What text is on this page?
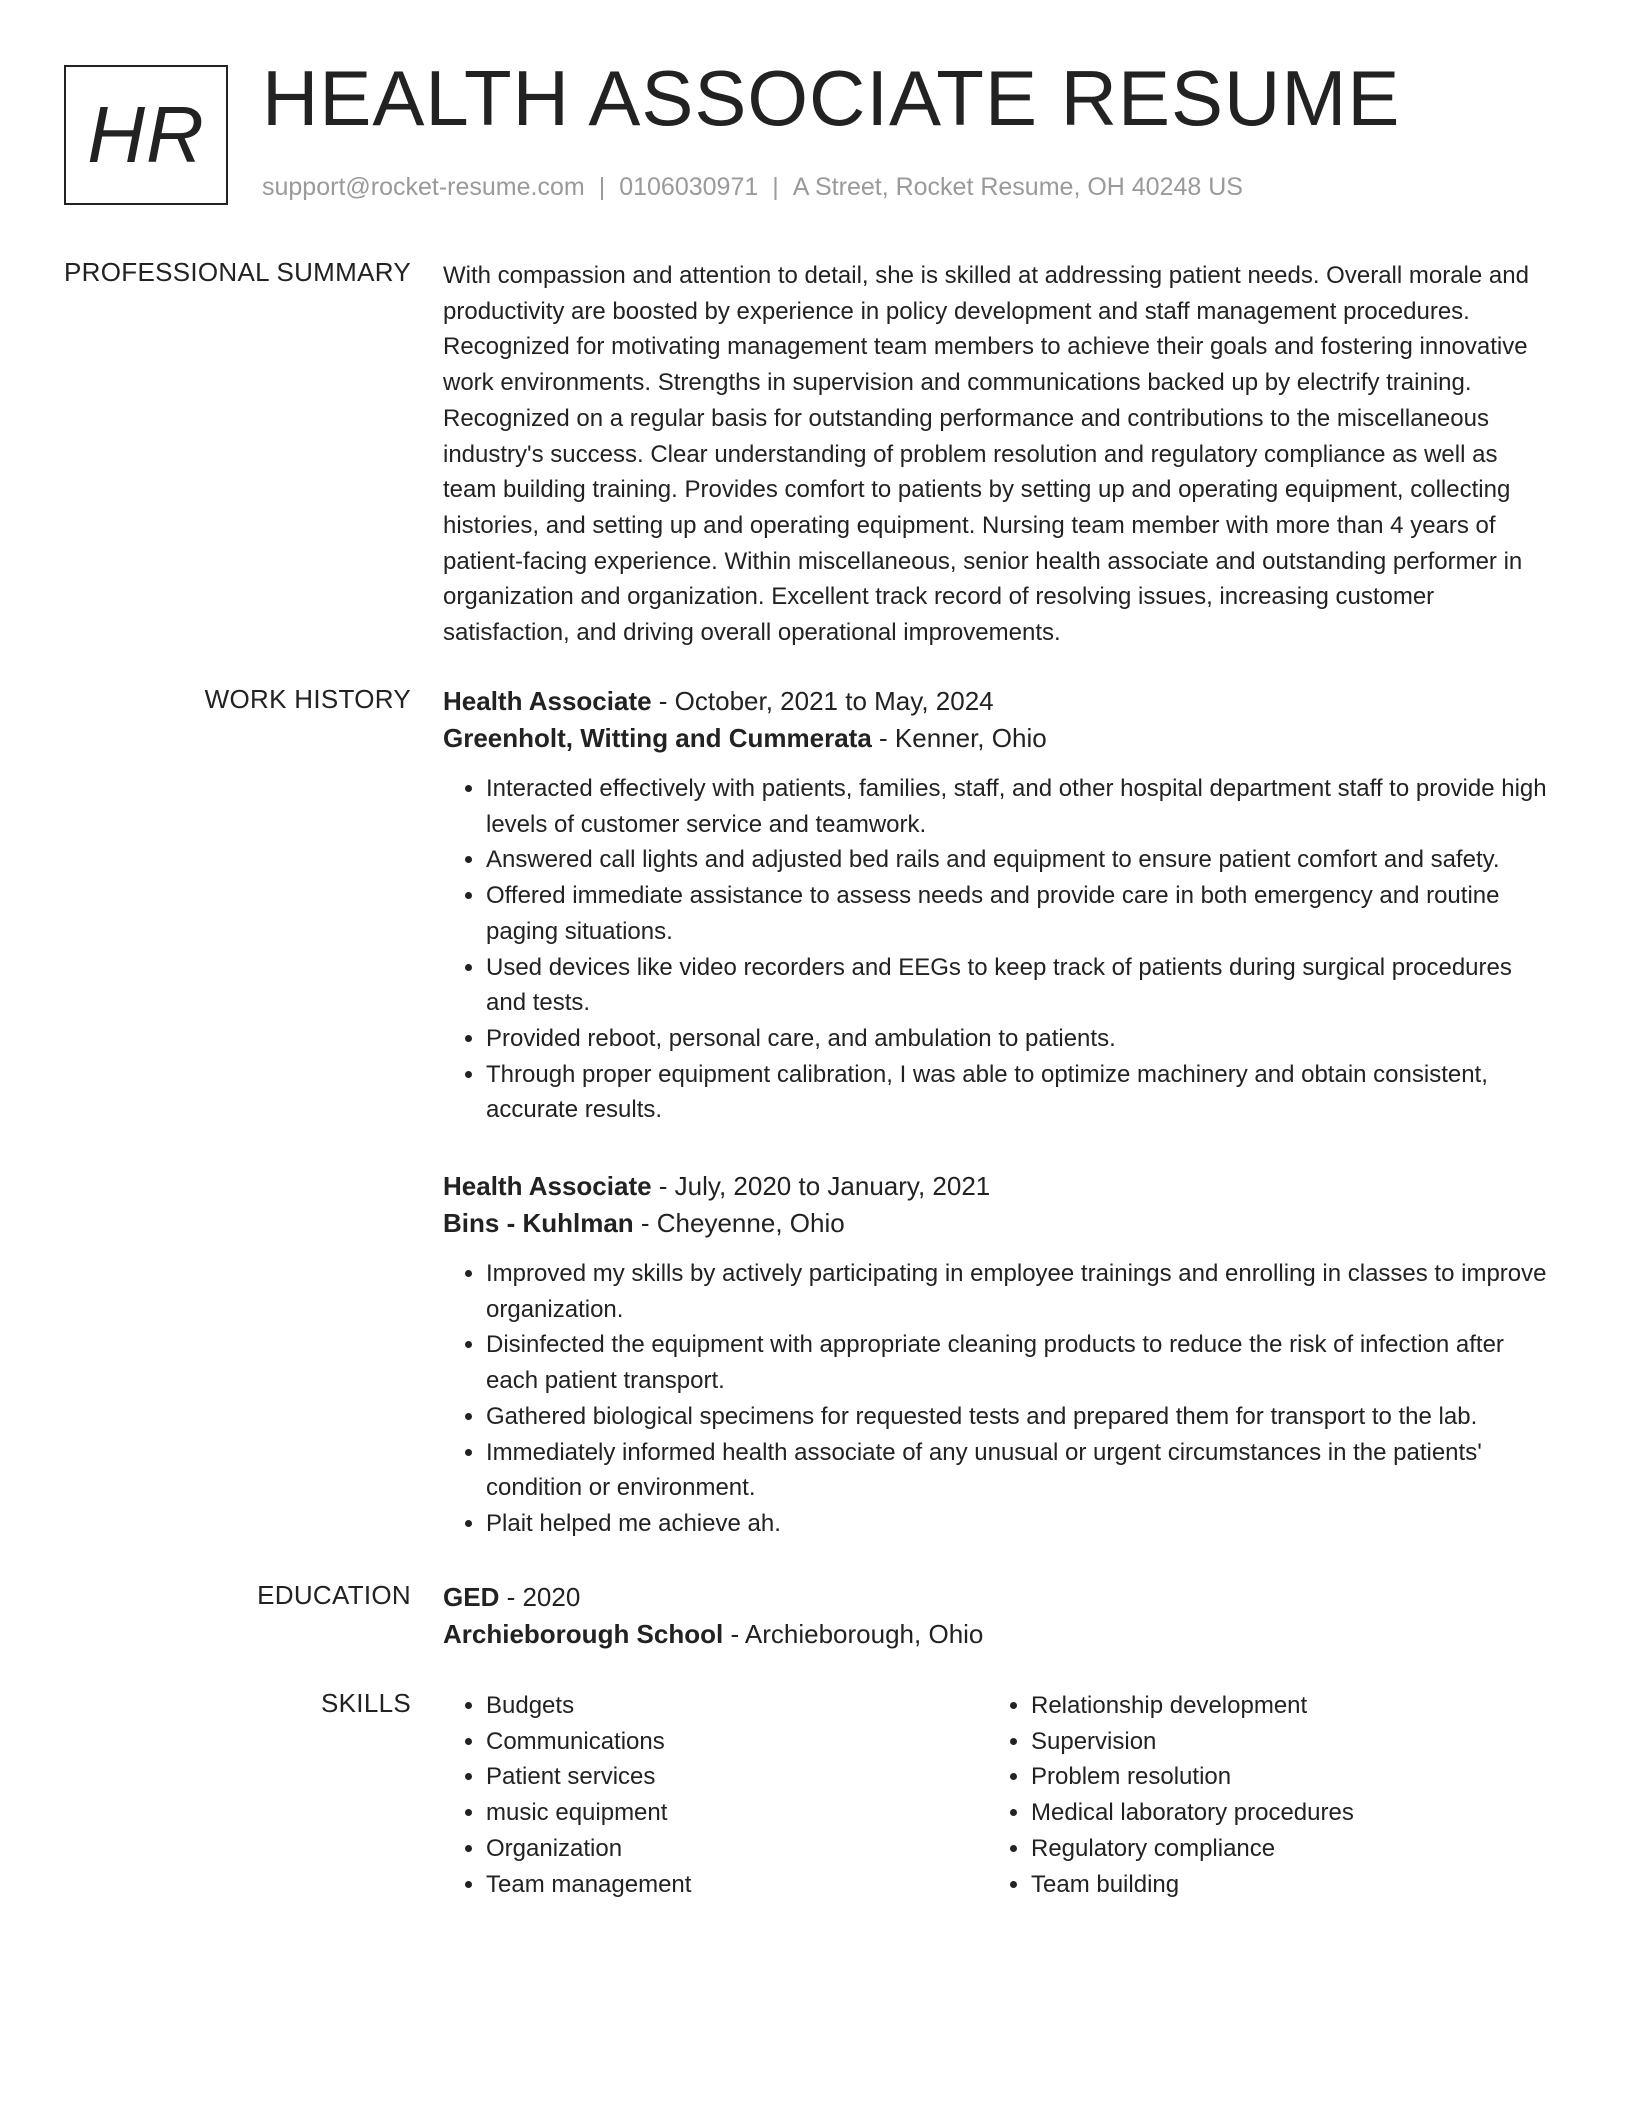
HR HEALTH ASSOCIATE RESUME
support@rocket-resume.com | 0106030971 | A Street, Rocket Resume, OH 40248 US
PROFESSIONAL SUMMARY With compassion and attention to detail, she is skilled at addressing patient needs. Overall morale and productivity are boosted by experience in policy development and staff management procedures. Recognized for motivating management team members to achieve their goals and fostering innovative work environments. Strengths in supervision and communications backed up by electrify training. Recognized on a regular basis for outstanding performance and contributions to the miscellaneous industry's success. Clear understanding of problem resolution and regulatory compliance as well as team building training. Provides comfort to patients by setting up and operating equipment, collecting histories, and setting up and operating equipment. Nursing team member with more than 4 years of patient-facing experience. Within miscellaneous, senior health associate and outstanding performer in organization and organization. Excellent track record of resolving issues, increasing customer satisfaction, and driving overall operational improvements.

WORK HISTORY Health Associate - October, 2021 to May, 2024
Greenholt, Witting and Cummerata - Kenner, Ohio
• Interacted effectively with patients, families, staff, and other hospital department staff to provide high levels of customer service and teamwork.
• Answered call lights and adjusted bed rails and equipment to ensure patient comfort and safety.
• Offered immediate assistance to assess needs and provide care in both emergency and routine paging situations.
• Used devices like video recorders and EEGs to keep track of patients during surgical procedures and tests.
• Provided reboot, personal care, and ambulation to patients.
• Through proper equipment calibration, I was able to optimize machinery and obtain consistent, accurate results.
Health Associate - July, 2020 to January, 2021
Bins - Kuhlman - Cheyenne, Ohio
• Improved my skills by actively participating in employee trainings and enrolling in classes to improve organization.
• Disinfected the equipment with appropriate cleaning products to reduce the risk of infection after each patient transport.
• Gathered biological specimens for requested tests and prepared them for transport to the lab.
• Immediately informed health associate of any unusual or urgent circumstances in the patients' condition or environment.
• Plait helped me achieve ah.
EDUCATION GED - 2020
Archieborough School - Archieborough, Ohio
SKILLS
•	Budgets
• Communications
• Patient services
• music equipment
• Organization
• Team management
• Relationship development
• Supervision
• Problem resolution
• Medical laboratory procedures
• Regulatory compliance
• Team building
